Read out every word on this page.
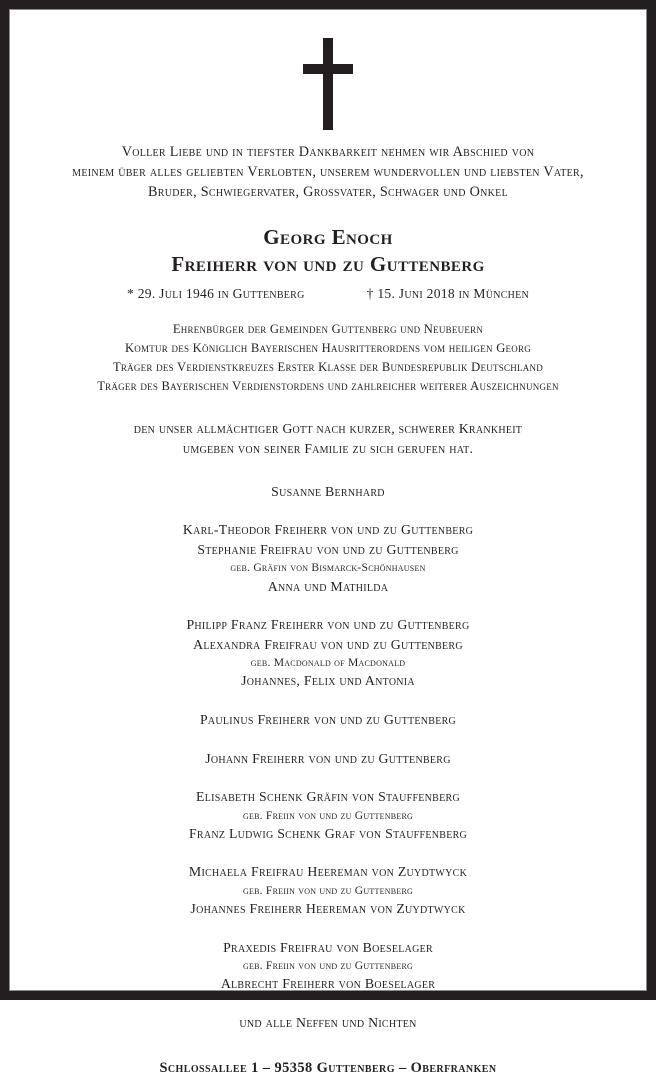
Voller Liebe und in tiefster Dankbarkeit nehmen wir Abschied von
meinem über alles geliebten Verlobten, unserem wundervollen und liebsten Vater,
Bruder, Schwiegervater, Grossvater, Schwager und Onkel
Georg Enoch
Freiherr von und zu Guttenberg
* 29. Juli 1946 in Guttenberg	† 15. Juni 2018 in München
Ehrenbürger der Gemeinden Guttenberg und Neubeuern
Komtur des Königlich Bayerischen Hausritterordens vom heiligen Georg
Träger des Verdienstkreuzes Erster Klasse der Bundesrepublik Deutschland
Träger des Bayerischen Verdienstordens und zahlreicher weiterer Auszeichnungen
den unser allmächtiger Gott nach kurzer, schwerer Krankheit
umgeben von seiner Familie zu sich gerufen hat.
Susanne Bernhard
Karl-Theodor Freiherr von und zu Guttenberg
Stephanie Freifrau von und zu Guttenberg
geb. Gräfin von Bismarck-Schönhausen
Anna und Mathilda
Philipp Franz Freiherr von und zu Guttenberg
Alexandra Freifrau von und zu Guttenberg
geb. Macdonald of Macdonald
Johannes, Felix und Antonia
Paulinus Freiherr von und zu Guttenberg
Johann Freiherr von und zu Guttenberg
Elisabeth Schenk Gräfin von Stauffenberg
geb. Freiin von und zu Guttenberg
Franz Ludwig Schenk Graf von Stauffenberg
Michaela Freifrau Heereman von Zuydtwyck
geb. Freiin von und zu Guttenberg
Johannes Freiherr Heereman von Zuydtwyck
Praxedis Freifrau von Boeselager
geb. Freiin von und zu Guttenberg
Albrecht Freiherr von Boeselager
und alle Neffen und Nichten
Schlossallee 1 – 95358 Guttenberg – Oberfranken
